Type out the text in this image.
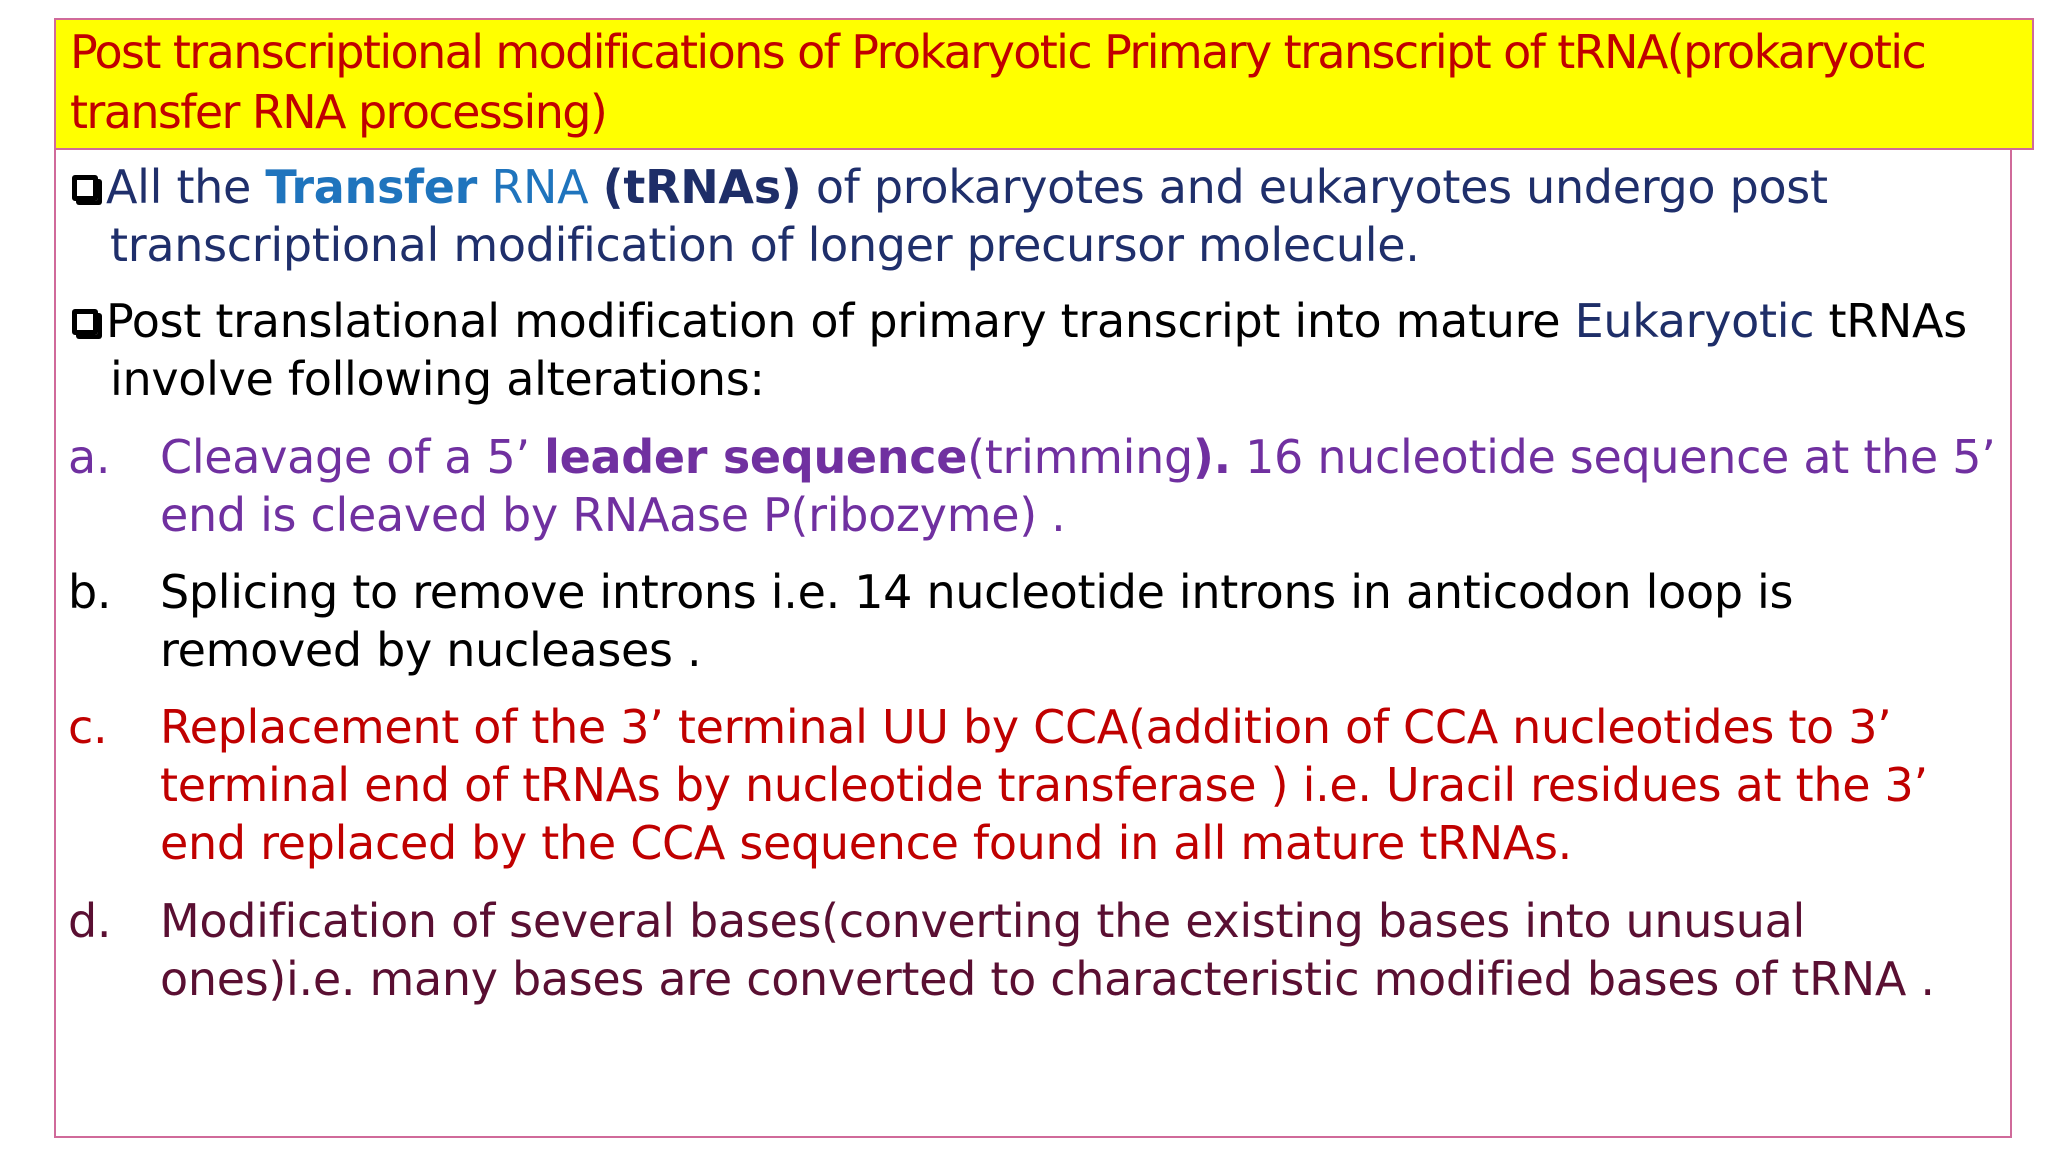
Post transcriptional modifications of Prokaryotic Primary transcript of tRNA(prokaryotic transfer RNA processing)
All the Transfer RNA (tRNAs) of prokaryotes and eukaryotes undergo post transcriptional modification of longer precursor molecule.
Post translational modification of primary transcript into mature Eukaryotic tRNAs involve following alterations:
a. Cleavage of a 5’ leader sequence(trimming). 16 nucleotide sequence at the 5’ end is cleaved by RNAase P(ribozyme) .
b. Splicing to remove introns i.e. 14 nucleotide introns in anticodon loop is removed by nucleases .
c. Replacement of the 3’ terminal UU by CCA(addition of CCA nucleotides to 3’ terminal end of tRNAs by nucleotide transferase ) i.e. Uracil residues at the 3’ end replaced by the CCA sequence found in all mature tRNAs.
d. Modification of several bases(converting the existing bases into unusual ones)i.e. many bases are converted to characteristic modified bases of tRNA .
